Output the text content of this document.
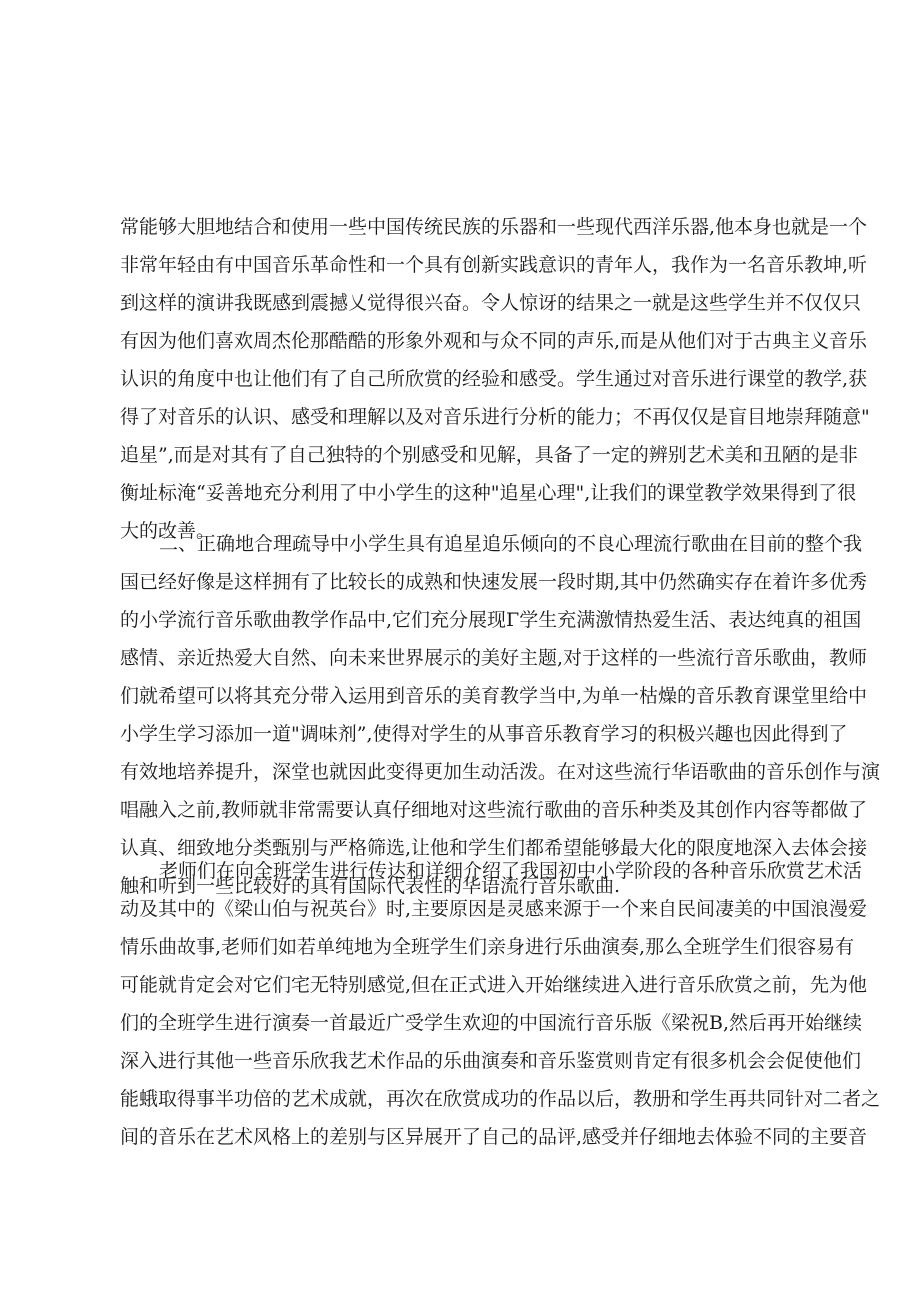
常能够大胆地结合和使用一些中国传统民族的乐器和一些现代西洋乐器,他本身也就是一个
非常年轻由有中国音乐革命性和一个具有创新实践意识的青年人，我作为一名音乐教坤,听
到这样的演讲我既感到震撼乂觉得很兴奋。令人惊讶的结果之一就是这些学生并不仅仅只
有因为他们喜欢周杰伦那酷酷的形象外观和与众不同的声乐,而是从他们对于古典主义音乐
认识的角度中也让他们有了自己所欣赏的经验和感受。学生通过对音乐进行课堂的教学,获
得了对音乐的认识、感受和理解以及对音乐进行分析的能力；不再仅仅是盲目地崇拜随意"
追星”,而是对其有了自己独特的个别感受和见解，具备了一定的辨别艺术美和丑陋的是非
衡址标淹“妥善地充分利用了中小学生的这种"追星心理",让我们的课堂教学效果得到了很
大的改善。
二、正确地合理疏导中小学生具有追星追乐倾向的不良心理流行歌曲在目前的整个我
国已经好像是这样拥有了比较长的成熟和快速发展一段时期,其中仍然确实存在着许多优秀
的小学流行音乐歌曲教学作品中,它们充分展现Γ学生充满激情热爱生活、表达纯真的祖国
感情、亲近热爱大自然、向未来世界展示的美好主题,对于这样的一些流行音乐歌曲，教师
们就希望可以将其充分带入运用到音乐的美育教学当中,为单一枯燥的音乐教育课堂里给中
小学生学习添加一道"调味剂”,使得对学生的从事音乐教育学习的积极兴趣也因此得到了
有效地培养提升，深堂也就因此变得更加生动活泼。在对这些流行华语歌曲的音乐创作与演
唱融入之前,教师就非常需要认真仔细地对这些流行歌曲的音乐种类及其创作内容等都做了
认真、细致地分类甄别与严格筛选,让他和学生们都希望能够最大化的限度地深入去体会接
触和听到一些比较好的具有国际代表性的华语流行音乐歌曲.
老师们在向全班学生进行传达和详细介绍了我国初中小学阶段的各种音乐欣赏艺术活
动及其中的《梁山伯与祝英台》时,主要原因是灵感来源于一个来自民间凄美的中国浪漫爱
情乐曲故事,老师们如若单纯地为全班学生们亲身进行乐曲演奏,那么全班学生们很容易有
可能就肯定会对它们宅无特别感觉,但在正式进入开始继续进入进行音乐欣赏之前，先为他
们的全班学生进行演奏一首最近广受学生欢迎的中国流行音乐版《梁祝B,然后再开始继续
深入进行其他一些音乐欣我艺术作品的乐曲演奏和音乐鉴赏则肯定有很多机会会促使他们
能蛾取得事半功倍的艺术成就，再次在欣赏成功的作品以后，教册和学生再共同针对二者之
间的音乐在艺术风格上的差别与区异展开了自己的品评,感受并仔细地去体验不同的主要音
